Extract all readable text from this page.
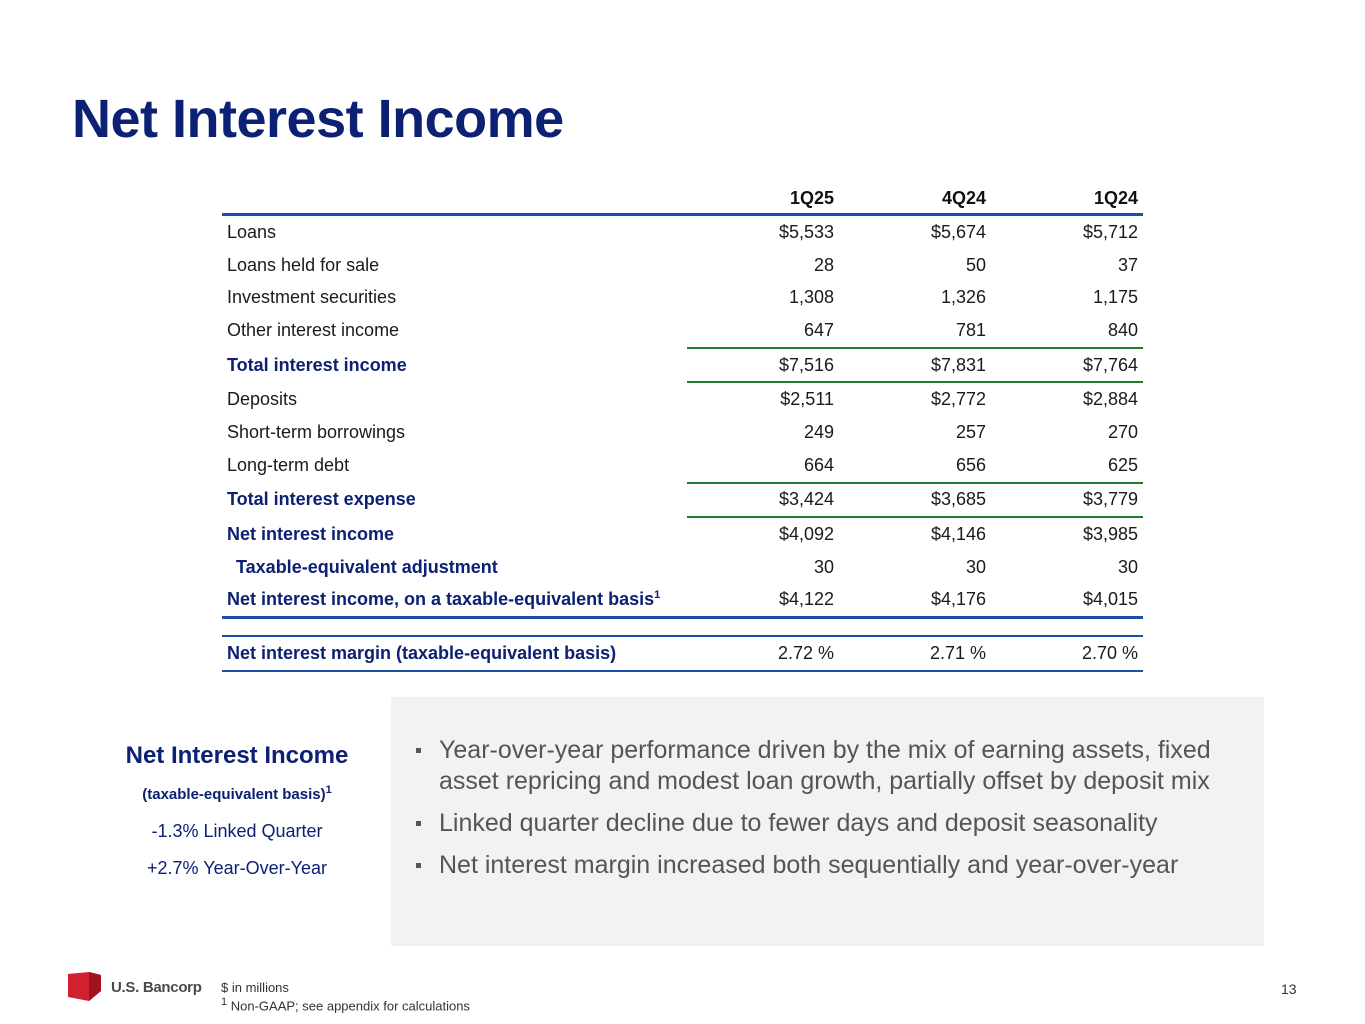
Net Interest Income
	1Q25	4Q24	1Q24
Loans	$5,533	$5,674	$5,712
Loans held for sale	28	50	37
Investment securities	1,308	1,326	1,175
Other interest income	647	781	840
Total interest income	$7,516	$7,831	$7,764
Deposits	$2,511	$2,772	$2,884
Short-term borrowings	249	257	270
Long-term debt	664	656	625
Total interest expense	$3,424	$3,685	$3,779
Net interest income	$4,092	$4,146	$3,985
Taxable-equivalent adjustment	30	30	30
Net interest income, on a taxable-equivalent basis$^1$	$4,122	$4,176	$4,015

Net interest margin (taxable-equivalent basis)	2.72 %	2.71 %	2.70 %
Net Interest Income
(taxable-equivalent basis)$^1$
-1.3% Linked Quarter
+2.7% Year-Over-Year
Year-over-year performance driven by the mix of earning assets, fixed asset repricing and modest loan growth, partially offset by deposit mix
Linked quarter decline due to fewer days and deposit seasonality
Net interest margin increased both sequentially and year-over-year
U.S. Bancorp $ in millions
$^1$ Non-GAAP; see appendix for calculations
13
